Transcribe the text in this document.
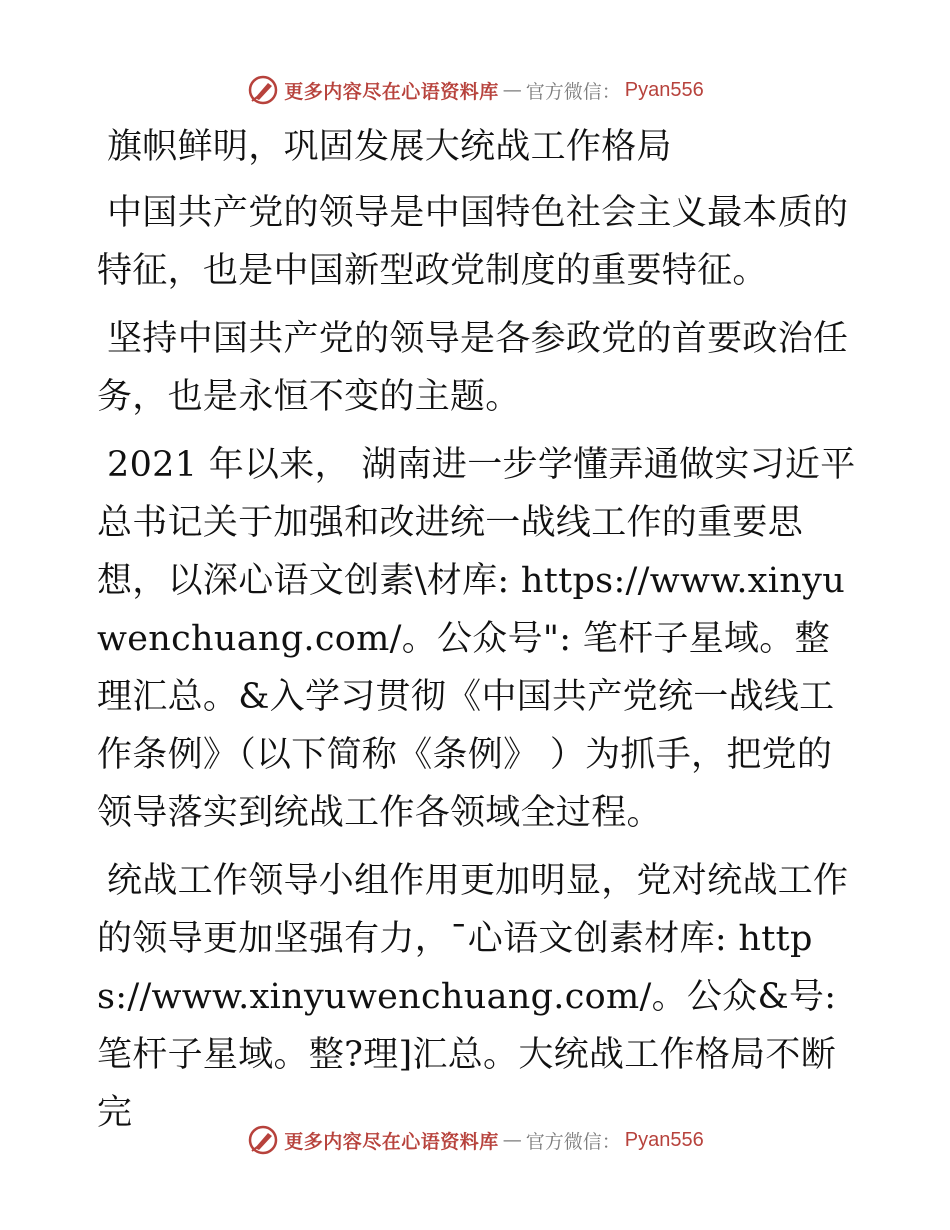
更多内容尽在心语资料库 — 官方微信： Pyan556

旗帜鲜明，巩固发展大统战工作格局

中国共产党的领导是中国特色社会主义最本质的特征，也是中国新型政党制度的重要特征。

坚持中国共产党的领导是各参政党的首要政治任务，也是永恒不变的主题。

2021 年以来， 湖南进一步学懂弄通做实习近平总书记关于加强和改进统一战线工作的重要思想，以深心语文创素\材库: https://www.xinyuwenchuang.com/。公众号": 笔杆子星域。整理汇总。&入学习贯彻《中国共产党统一战线工作条例》（以下简称《条例》 ）为抓手，把党的领导落实到统战工作各领域全过程。

统战工作领导小组作用更加明显，党对统战工作的领导更加坚强有力，¯心语文创素材库: https://www.xinyuwenchuang.com/。公众&号: 笔杆子星域。整?理]汇总。大统战工作格局不断完

更多内容尽在心语资料库 — 官方微信： Pyan556
